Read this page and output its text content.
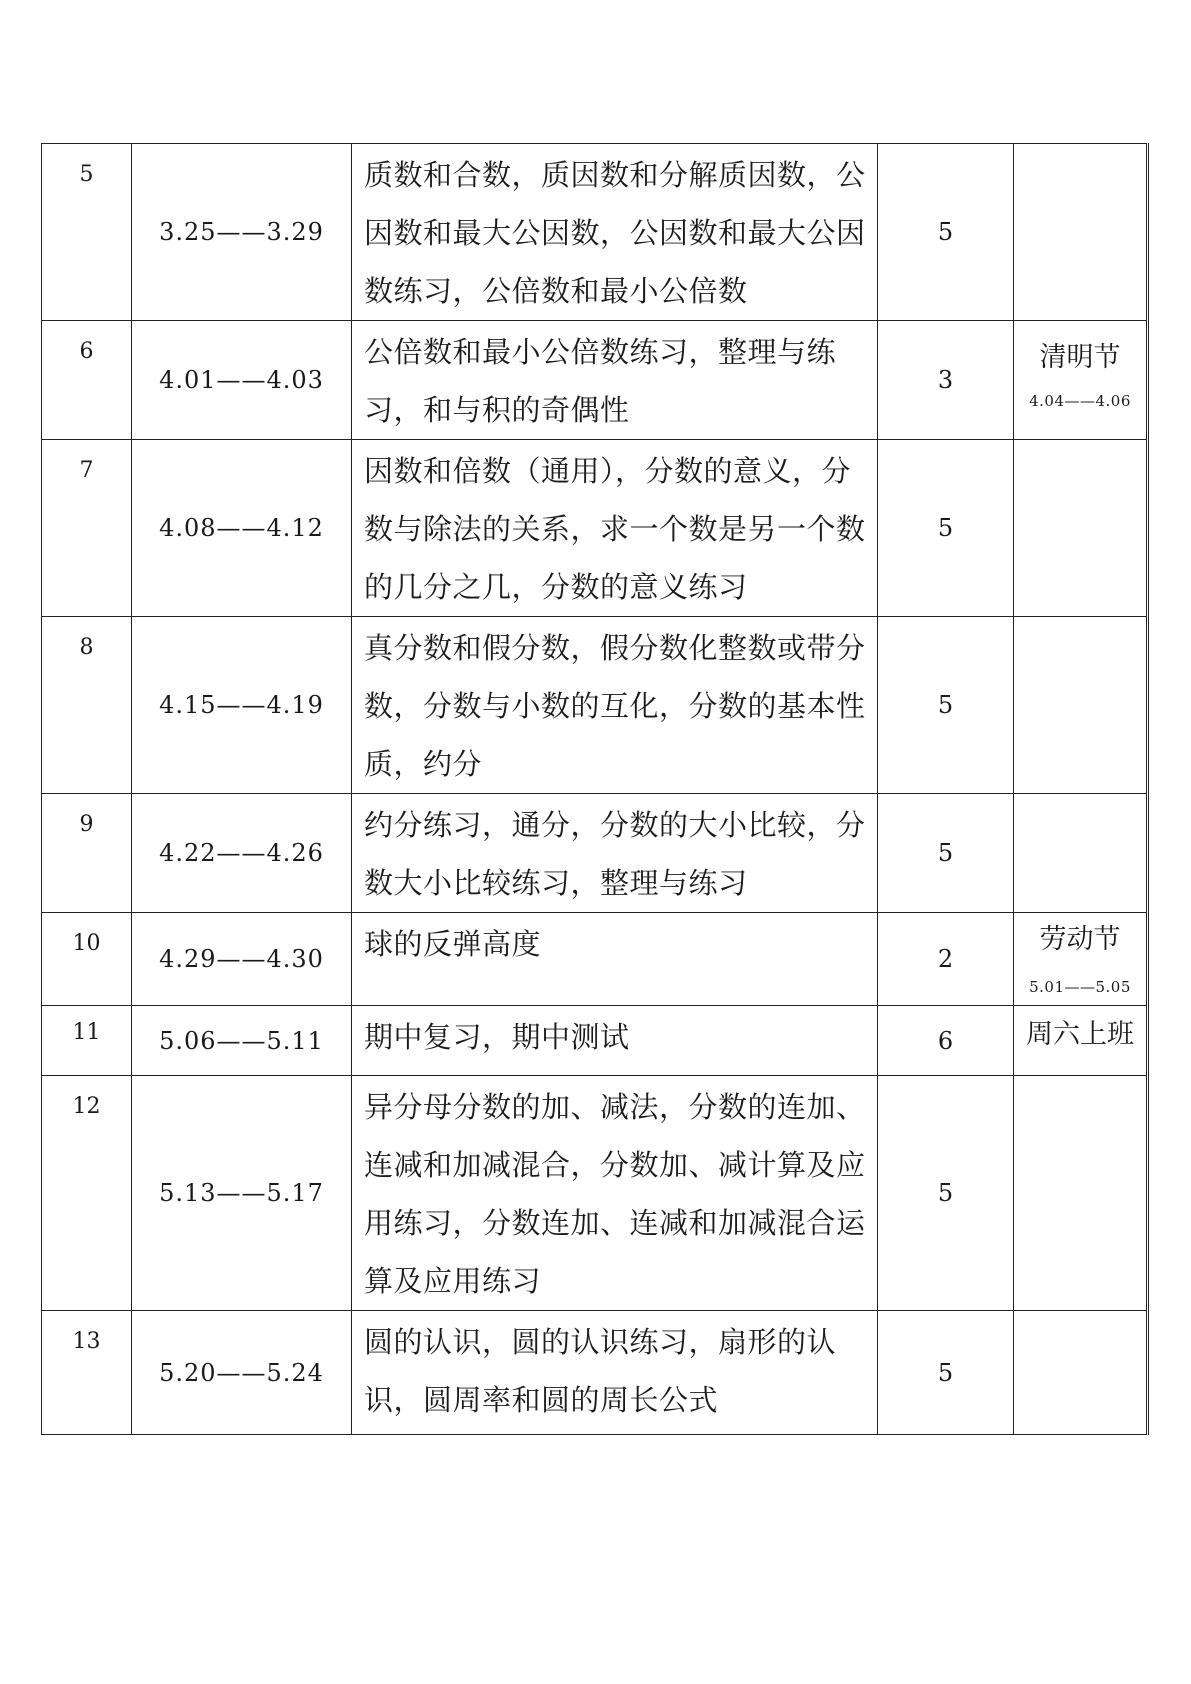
5	3.25——3.29	质数和合数，质因数和分解质因数，公因数和最大公因数，公因数和最大公因数练习，公倍数和最小公倍数	5	

6	4.01——4.03	公倍数和最小公倍数练习，整理与练习，和与积的奇偶性	3	清明节
4.04——4.06

7	4.08——4.12	因数和倍数（通用），分数的意义，分数与除法的关系，求一个数是另一个数的几分之几，分数的意义练习	5	

8	4.15——4.19	真分数和假分数，假分数化整数或带分数，分数与小数的互化，分数的基本性质，约分	5	

9	4.22——4.26	约分练习，通分，分数的大小比较，分数大小比较练习，整理与练习	5	

10	4.29——4.30	球的反弹高度	2	劳动节
5.01——5.05

11	5.06——5.11	期中复习，期中测试	6	周六上班

12	5.13——5.17	异分母分数的加、减法，分数的连加、连减和加减混合，分数加、减计算及应用练习，分数连加、连减和加减混合运算及应用练习	5	

13	5.20——5.24	圆的认识，圆的认识练习，扇形的认识，圆周率和圆的周长公式	5	
